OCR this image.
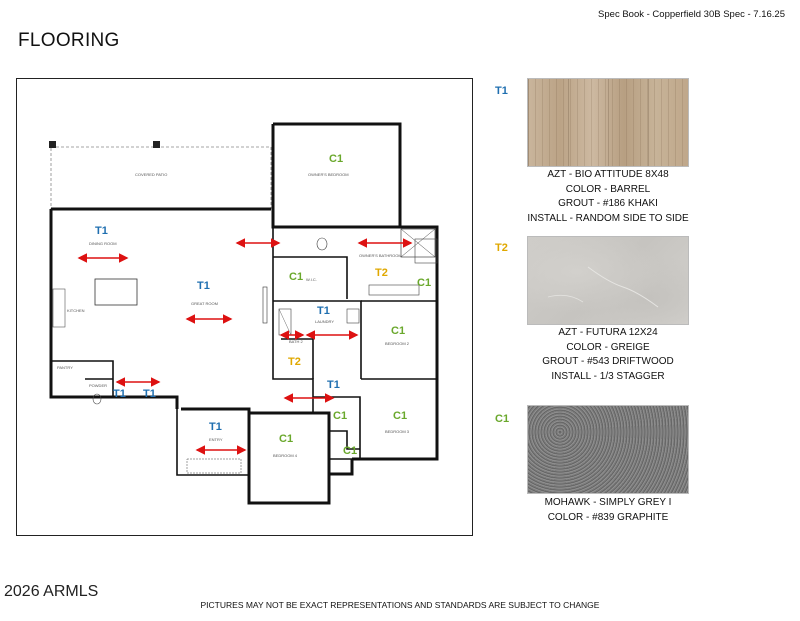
Spec Book - Copperfield 30B Spec - 7.16.25
FLOORING
COVERED PATIO	OWNER'S BEDROOM
DINING ROOM
GREAT ROOM
KITCHEN
PANTRY
POWDER
ENTRY
BEDROOM 4
BEDROOM 2
BEDROOM 3
LAUNDRY
OWNER'S BATHROOM
W.I.C.
BATH 2
T1
T1
C1
C1	T2
C1
T1
C1
T2
T1
T1 T1
C1	C1
T1
C1
C1
T1
AZT - BIO ATTITUDE 8X48
COLOR - BARREL
GROUT - #186 KHAKI
INSTALL - RANDOM SIDE TO SIDE
T2
AZT - FUTURA 12X24
COLOR - GREIGE
GROUT - #543 DRIFTWOOD
INSTALL - 1/3 STAGGER
C1
MOHAWK - SIMPLY GREY I
COLOR - #839 GRAPHITE
2026 ARMLS
PICTURES MAY NOT BE EXACT REPRESENTATIONS AND STANDARDS ARE SUBJECT TO CHANGE
